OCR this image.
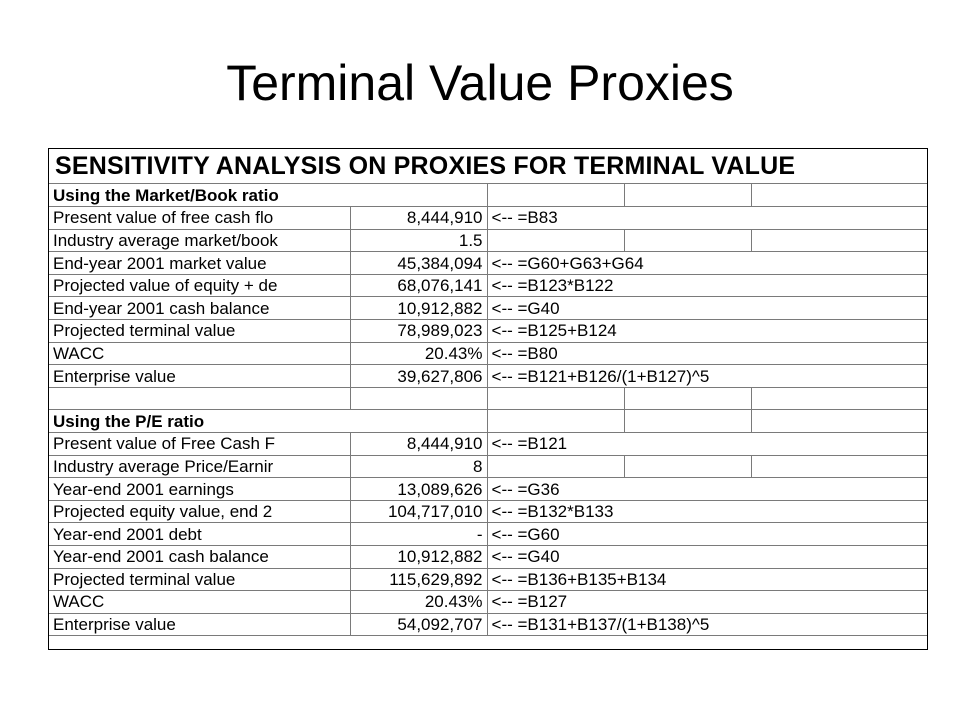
Terminal Value Proxies
SENSITIVITY ANALYSIS ON PROXIES FOR TERMINAL VALUE
Using the Market/Book ratio				
Present value of free cash flo	8,444,910	<-- =B83		
Industry average market/book	1.5			
End-year 2001 market value	45,384,094	<-- =G60+G63+G64		
Projected value of equity + de	68,076,141	<-- =B123*B122		
End-year 2001 cash balance	10,912,882	<-- =G40		
Projected terminal value	78,989,023	<-- =B125+B124		
WACC	20.43%	<-- =B80		
Enterprise value	39,627,806	<-- =B121+B126/(1+B127)^5		

Using the P/E ratio				
Present value of Free Cash F	8,444,910	<-- =B121		
Industry average Price/Earnir	8			
Year-end 2001 earnings	13,089,626	<-- =G36		
Projected equity value, end 2	104,717,010	<-- =B132*B133		
Year-end 2001 debt	-	<-- =G60		
Year-end 2001 cash balance	10,912,882	<-- =G40		
Projected terminal value	115,629,892	<-- =B136+B135+B134		
WACC	20.43%	<-- =B127		
Enterprise value	54,092,707	<-- =B131+B137/(1+B138)^5		
